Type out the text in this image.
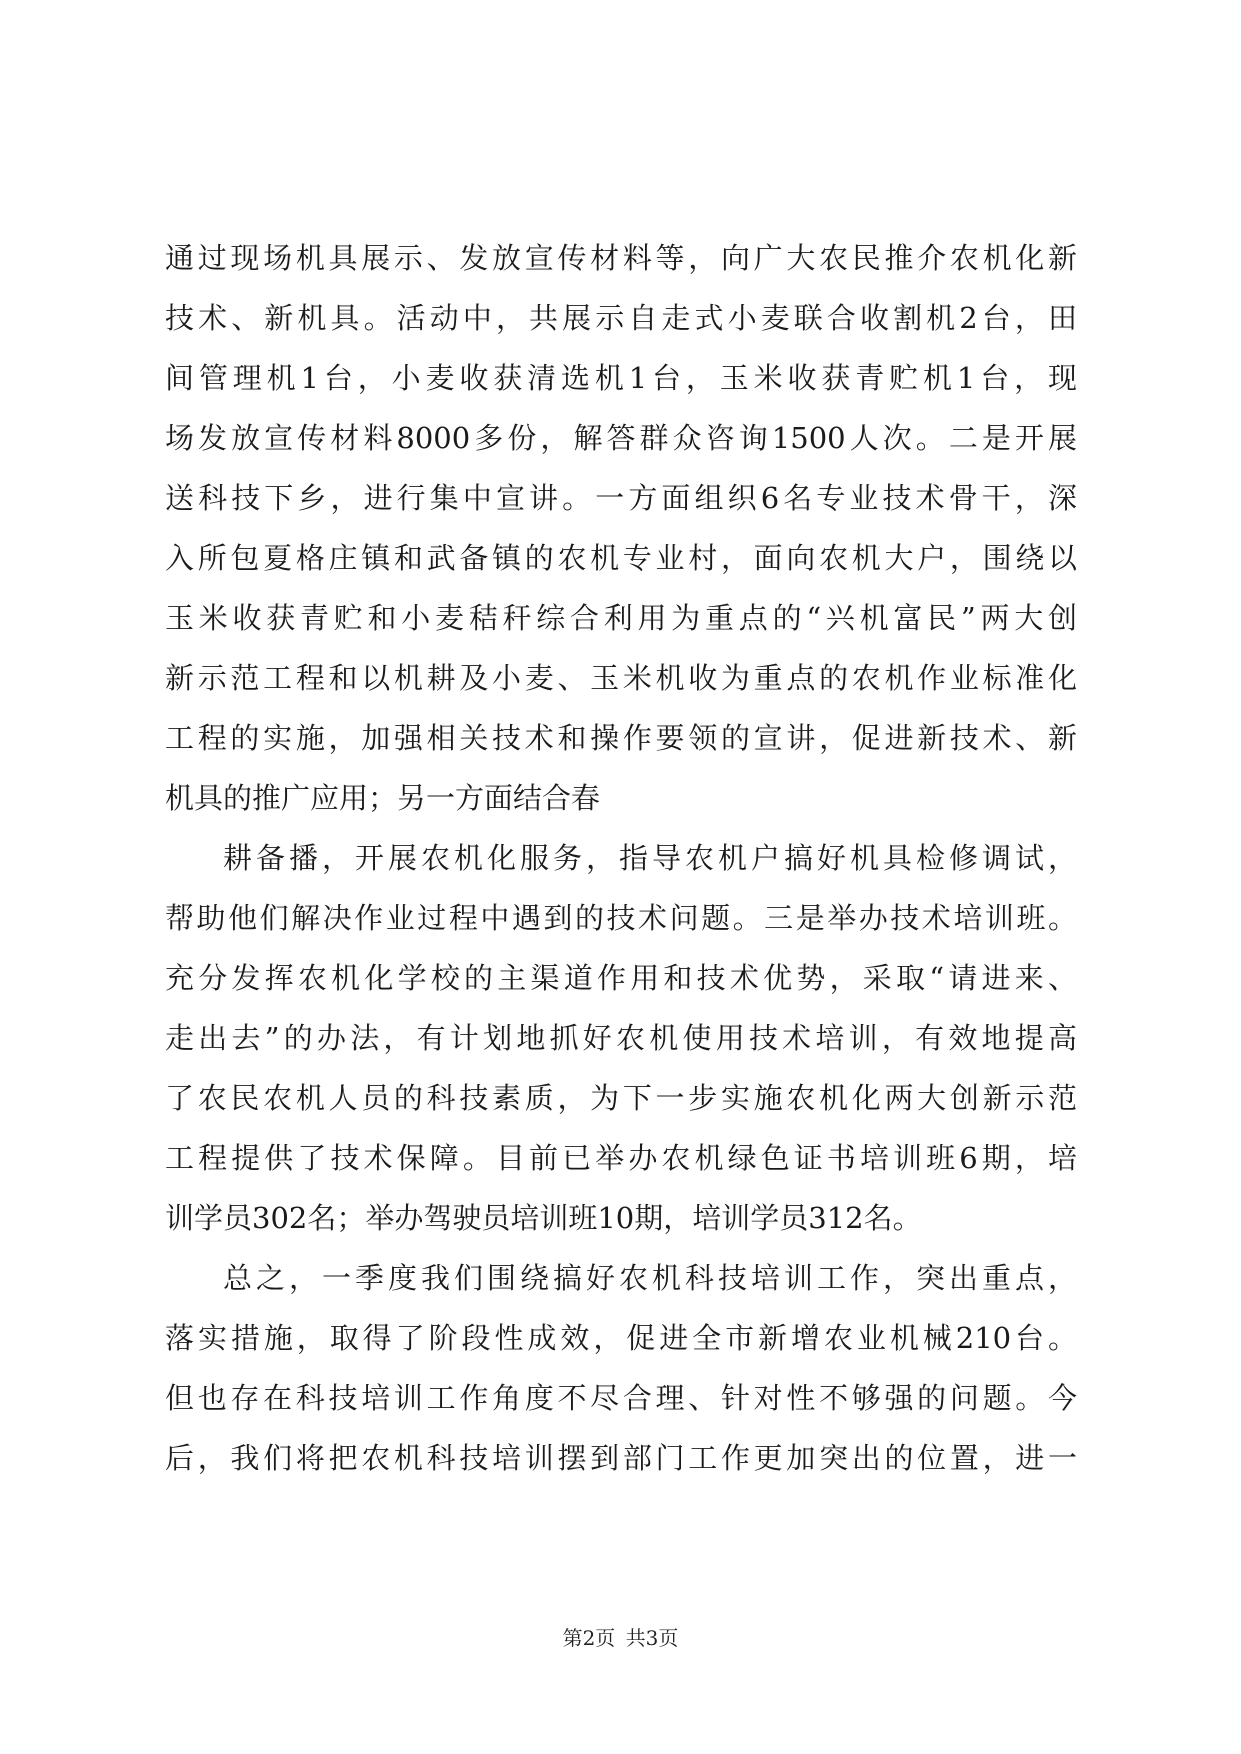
通过现场机具展示、发放宣传材料等，向广大农民推介农机化新
技术、新机具。活动中，共展示自走式小麦联合收割机2台，田
间管理机1台，小麦收获清选机1台，玉米收获青贮机1台，现
场发放宣传材料8000多份，解答群众咨询1500人次。二是开展
送科技下乡，进行集中宣讲。一方面组织6名专业技术骨干，深
入所包夏格庄镇和武备镇的农机专业村，面向农机大户，围绕以
玉米收获青贮和小麦秸秆综合利用为重点的“兴机富民”两大创
新示范工程和以机耕及小麦、玉米机收为重点的农机作业标准化
工程的实施，加强相关技术和操作要领的宣讲，促进新技术、新
机具的推广应用；另一方面结合春
耕备播，开展农机化服务，指导农机户搞好机具检修调试，
帮助他们解决作业过程中遇到的技术问题。三是举办技术培训班。
充分发挥农机化学校的主渠道作用和技术优势，采取“请进来、
走出去”的办法，有计划地抓好农机使用技术培训，有效地提高
了农民农机人员的科技素质，为下一步实施农机化两大创新示范
工程提供了技术保障。目前已举办农机绿色证书培训班6期，培
训学员302名；举办驾驶员培训班10期，培训学员312名。
总之，一季度我们围绕搞好农机科技培训工作，突出重点，
落实措施，取得了阶段性成效，促进全市新增农业机械210台。
但也存在科技培训工作角度不尽合理、针对性不够强的问题。今
后，我们将把农机科技培训摆到部门工作更加突出的位置，进一
第2页 共3页
